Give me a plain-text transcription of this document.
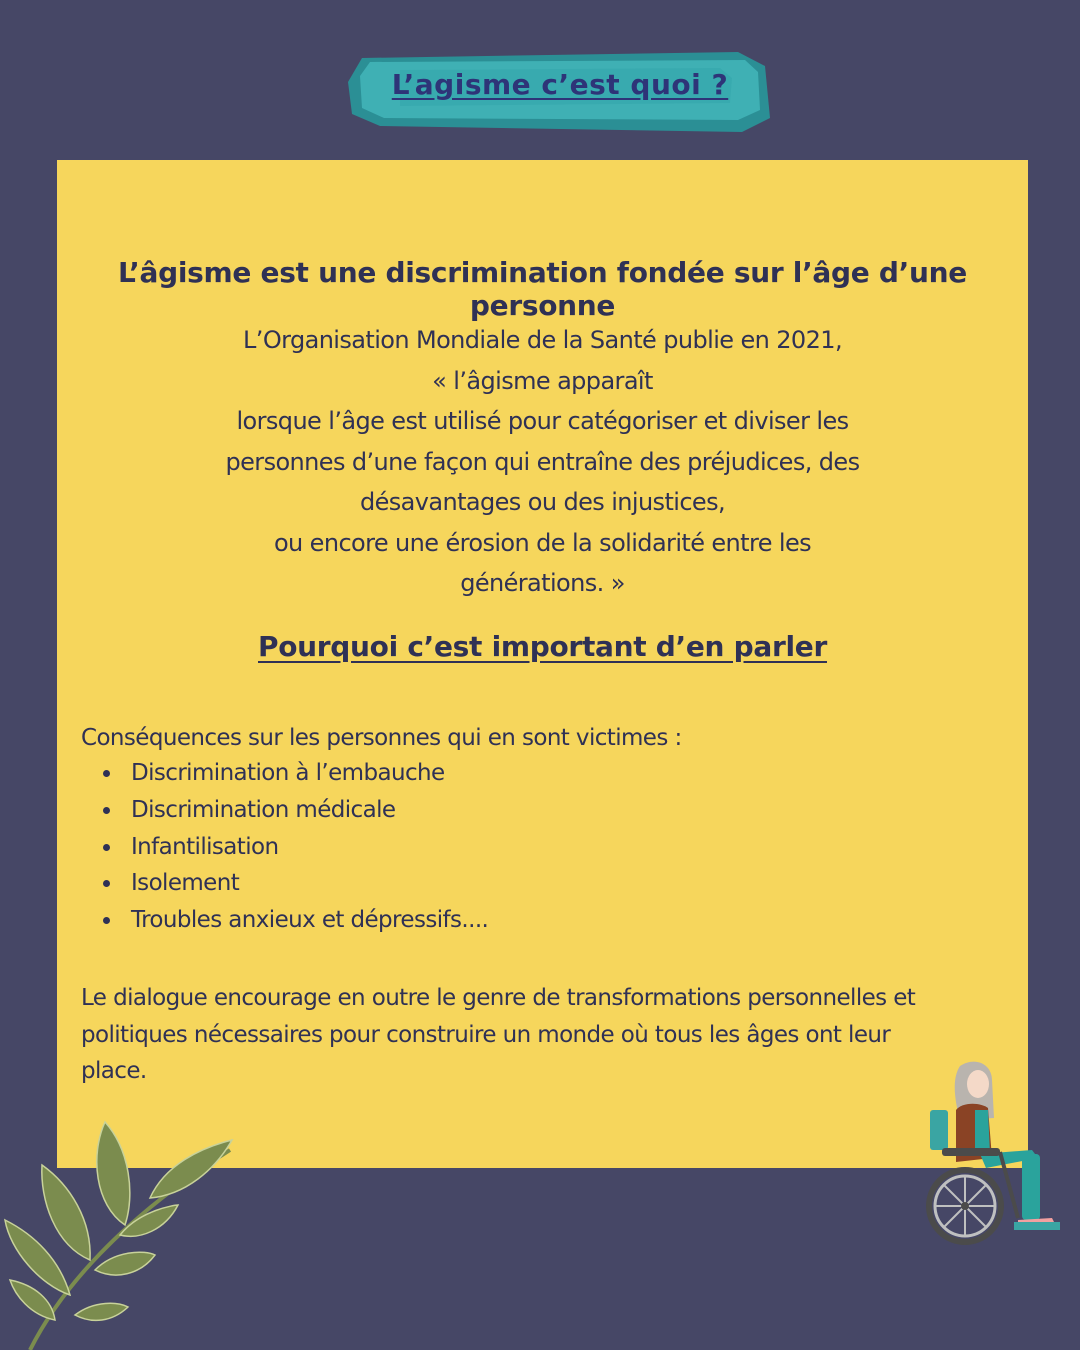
L’agisme c’est quoi ?
L’âgisme est une discrimination fondée sur l’âge d’une personne
L’Organisation Mondiale de la Santé publie en 2021,
« l’âgisme apparaît
lorsque l’âge est utilisé pour catégoriser et diviser les
personnes d’une façon qui entraîne des préjudices, des
désavantages ou des injustices,
ou encore une érosion de la solidarité entre les
générations. »
Pourquoi c’est important d’en parler
Conséquences sur les personnes qui en sont victimes :
Discrimination à l’embauche
Discrimination médicale
Infantilisation
Isolement
Troubles anxieux et dépressifs....
Le dialogue encourage en outre le genre de transformations personnelles et
politiques nécessaires pour construire un monde où tous les âges ont leur
place.
